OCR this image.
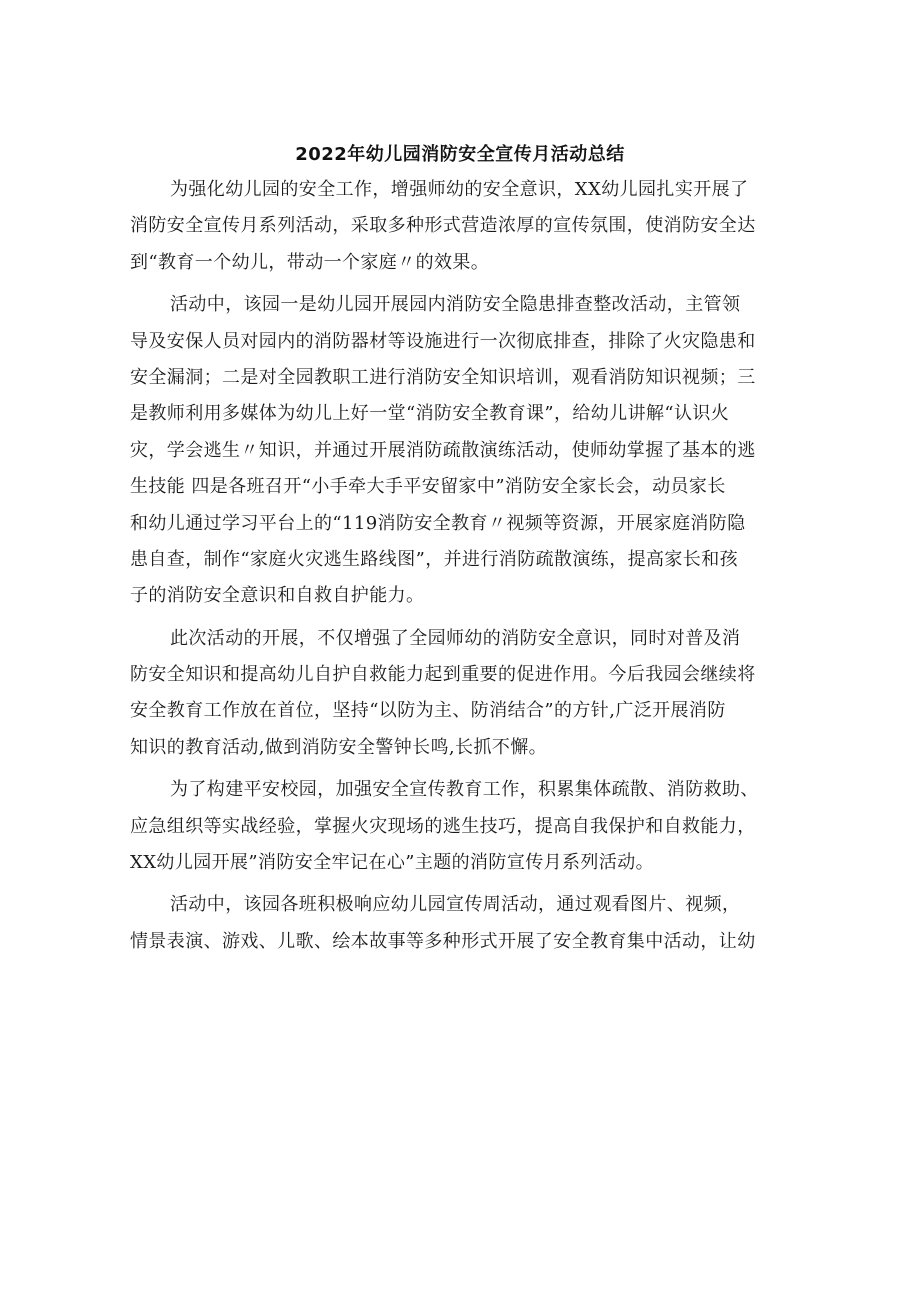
2022年幼儿园消防安全宣传月活动总结
为强化幼儿园的安全工作，增强师幼的安全意识，XX幼儿园扎实开展了
消防安全宣传月系列活动，采取多种形式营造浓厚的宣传氛围，使消防安全达
到“教育一个幼儿，带动一个家庭〃的效果。
活动中，该园一是幼儿园开展园内消防安全隐患排查整改活动，主管领
导及安保人员对园内的消防器材等设施进行一次彻底排查，排除了火灾隐患和
安全漏洞；二是对全园教职工进行消防安全知识培训，观看消防知识视频；三
是教师利用多媒体为幼儿上好一堂“消防安全教育课”，给幼儿讲解“认识火
灾，学会逃生〃知识，并通过开展消防疏散演练活动，使师幼掌握了基本的逃
生技能 四是各班召开“小手牵大手平安留家中”消防安全家长会，动员家长
和幼儿通过学习平台上的“119消防安全教育〃视频等资源，开展家庭消防隐
患自查，制作“家庭火灾逃生路线图”，并进行消防疏散演练，提高家长和孩
子的消防安全意识和自救自护能力。
此次活动的开展，不仅增强了全园师幼的消防安全意识，同时对普及消
防安全知识和提高幼儿自护自救能力起到重要的促进作用。今后我园会继续将
安全教育工作放在首位，坚持“以防为主、防消结合”的方针,广泛开展消防
知识的教育活动,做到消防安全警钟长鸣,长抓不懈。
为了构建平安校园，加强安全宣传教育工作，积累集体疏散、消防救助、
应急组织等实战经验，掌握火灾现场的逃生技巧，提高自我保护和自救能力，
XX幼儿园开展”消防安全牢记在心”主题的消防宣传月系列活动。
活动中，该园各班积极响应幼儿园宣传周活动，通过观看图片、视频，
情景表演、游戏、儿歌、绘本故事等多种形式开展了安全教育集中活动，让幼
